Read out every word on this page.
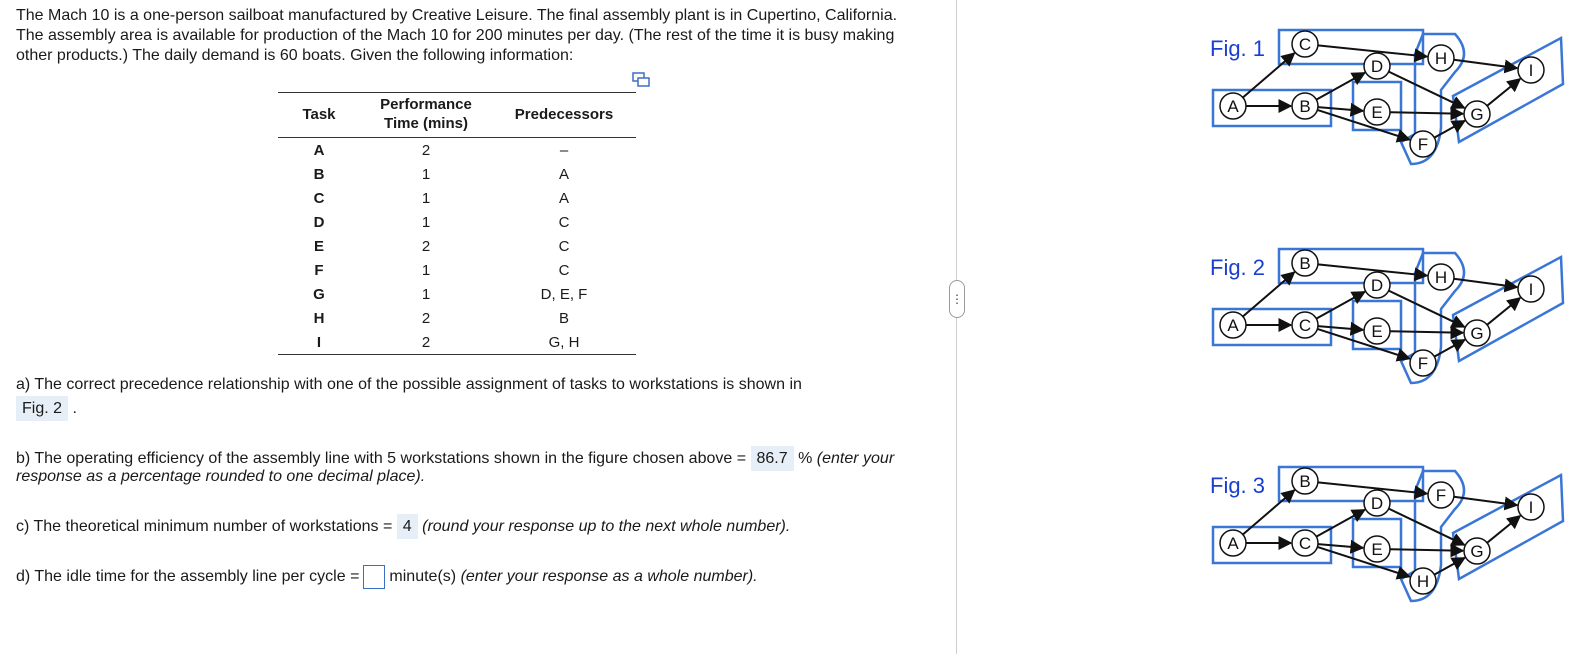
The Mach 10 is a one-person sailboat manufactured by Creative Leisure. The final assembly plant is in Cupertino, California. The assembly area is available for production of the Mach 10 for 200 minutes per day. (The rest of the time it is busy making other products.) The daily demand is 60 boats. Given the following information:

Task	Performance Time (mins)	Predecessors
A	2	–
B	1	A
C	1	A
D	1	C
E	2	C
F	1	C
G	1	D, E, F
H	2	B
I	2	G, H
a) The correct precedence relationship with one of the possible assignment of tasks to workstations is shown in
Fig. 2 .
b) The operating efficiency of the assembly line with 5 workstations shown in the figure chosen above = 86.7 % (enter your response as a percentage rounded to one decimal place).
c) The theoretical minimum number of workstations = 4 (round your response up to the next whole number).
d) The idle time for the assembly line per cycle = minute(s) (enter your response as a whole number).
⋮
Fig. 1
A	B
C
D
E
F
G
H
I
Fig. 2
A	C
B
D
E
F
G
H
I
Fig. 3
A	C
B
D
E
H
G
F
I
